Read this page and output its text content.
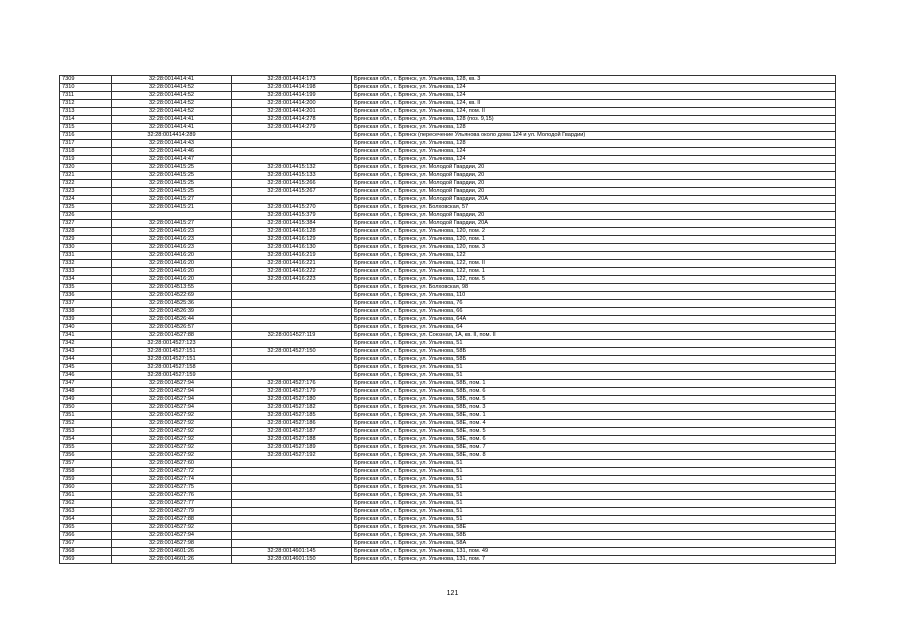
7309	32:28:0014414:41	32:28:0014414:173	Брянская обл., г. Брянск, ул. Ульянова, 128, кв. 3
7310	32:28:0014414:52	32:28:0014414:198	Брянская обл., г. Брянск, ул. Ульянова, 124
7311	32:28:0014414:52	32:28:0014414:199	Брянская обл., г. Брянск, ул. Ульянова, 124
7312	32:28:0014414:52	32:28:0014414:200	Брянская обл., г. Брянск, ул. Ульянова, 124, кв. II
7313	32:28:0014414:52	32:28:0014414:201	Брянская обл., г. Брянск, ул. Ульянова, 124, пом. II
7314	32:28:0014414:41	32:28:0014414:278	Брянская обл., г. Брянск, ул. Ульянова, 128 (поз. 9,15)
7315	32:28:0014414:41	32:28:0014414:279	Брянская обл., г. Брянск, ул. Ульянова, 128
7316	32:28:0014414:289		Брянская обл., г. Брянск (пересечение Ульянова около дома 124 и ул. Молодой Гвардии)
7317	32:28:0014414:43		Брянская обл., г. Брянск, ул. Ульянова, 128
7318	32:28:0014414:46		Брянская обл., г. Брянск, ул. Ульянова, 124
7319	32:28:0014414:47		Брянская обл., г. Брянск, ул. Ульянова, 124
7320	32:28:0014415:25	32:28:0014415:132	Брянская обл., г. Брянск, ул. Молодой Гвардии, 20
7321	32:28:0014415:25	32:28:0014415:133	Брянская обл., г. Брянск, ул. Молодой Гвардии, 20
7322	32:28:0014415:25	32:28:0014415:266	Брянская обл., г. Брянск, ул. Молодой Гвардии, 20
7323	32:28:0014415:25	32:28:0014415:267	Брянская обл., г. Брянск, ул. Молодой Гвардии, 20
7324	32:28:0014415:27		Брянская обл., г. Брянск, ул. Молодой Гвардии, 20А
7325	32:28:0014415:21	32:28:0014415:270	Брянская обл., г. Брянск, ул. Болховская, 57
7326		32:28:0014415:379	Брянская обл., г. Брянск, ул. Молодой Гвардии, 20
7327	32:28:0014415:27	32:28:0014415:384	Брянская обл., г. Брянск, ул. Молодой Гвардии, 20А
7328	32:28:0014416:23	32:28:0014416:128	Брянская обл., г. Брянск, ул. Ульянова, 120, пом. 2
7329	32:28:0014416:23	32:28:0014416:129	Брянская обл., г. Брянск, ул. Ульянова, 120, пом. 1
7330	32:28:0014416:23	32:28:0014416:130	Брянская обл., г. Брянск, ул. Ульянова, 120, пом. 3
7331	32:28:0014416:20	32:28:0014416:219	Брянская обл., г. Брянск, ул. Ульянова, 122
7332	32:28:0014416:20	32:28:0014416:221	Брянская обл., г. Брянск, ул. Ульянова, 122, пом. II
7333	32:28:0014416:20	32:28:0014416:222	Брянская обл., г. Брянск, ул. Ульянова, 122, пом. 1
7334	32:28:0014416:20	32:28:0014416:223	Брянская обл., г. Брянск, ул. Ульянова, 122, пом. 5
7335	32:28:0014513:55		Брянская обл., г. Брянск, ул. Болховская, 98
7336	32:28:0014522:69		Брянская обл., г. Брянск, ул. Ульянова, 110
7337	32:28:0014525:36		Брянская обл., г. Брянск, ул. Ульянова, 76
7338	32:28:0014526:39		Брянская обл., г. Брянск, ул. Ульянова, 66
7339	32:28:0014526:44		Брянская обл., г. Брянск, ул. Ульянова, 64А
7340	32:28:0014526:57		Брянская обл., г. Брянск, ул. Ульянова, 64
7341	32:28:0014527:88	32:28:0014527:119	Брянская обл., г. Брянск, ул. Союзная, 1А, кв. II, пом. II
7342	32:28:0014527:123		Брянская обл., г. Брянск, ул. Ульянова, 51
7343	32:28:0014527:151	32:28:0014527:150	Брянская обл., г. Брянск, ул. Ульянова, 58Б
7344	32:28:0014527:151		Брянская обл., г. Брянск, ул. Ульянова, 58Б
7345	32:28:0014527:158		Брянская обл., г. Брянск, ул. Ульянова, 51
7346	32:28:0014527:159		Брянская обл., г. Брянск, ул. Ульянова, 51
7347	32:28:0014527:94	32:28:0014527:176	Брянская обл., г. Брянск, ул. Ульянова, 58Б, пом. 1
7348	32:28:0014527:94	32:28:0014527:179	Брянская обл., г. Брянск, ул. Ульянова, 58Б, пом. 6
7349	32:28:0014527:94	32:28:0014527:180	Брянская обл., г. Брянск, ул. Ульянова, 58Б, пом. 5
7350	32:28:0014527:94	32:28:0014527:182	Брянская обл., г. Брянск, ул. Ульянова, 58Б, пом. 3
7351	32:28:0014527:92	32:28:0014527:185	Брянская обл., г. Брянск, ул. Ульянова, 58Е, пом. 1
7352	32:28:0014527:92	32:28:0014527:186	Брянская обл., г. Брянск, ул. Ульянова, 58Е, пом. 4
7353	32:28:0014527:92	32:28:0014527:187	Брянская обл., г. Брянск, ул. Ульянова, 58Е, пом. 5
7354	32:28:0014527:92	32:28:0014527:188	Брянская обл., г. Брянск, ул. Ульянова, 58Е, пом. 6
7355	32:28:0014527:92	32:28:0014527:189	Брянская обл., г. Брянск, ул. Ульянова, 58Е, пом. 7
7356	32:28:0014527:92	32:28:0014527:192	Брянская обл., г. Брянск, ул. Ульянова, 58Е, пом. 8
7357	32:28:0014527:60		Брянская обл., г. Брянск, ул. Ульянова, 51
7358	32:28:0014527:72		Брянская обл., г. Брянск, ул. Ульянова, 51
7359	32:28:0014527:74		Брянская обл., г. Брянск, ул. Ульянова, 51
7360	32:28:0014527:75		Брянская обл., г. Брянск, ул. Ульянова, 51
7361	32:28:0014527:76		Брянская обл., г. Брянск, ул. Ульянова, 51
7362	32:28:0014527:77		Брянская обл., г. Брянск, ул. Ульянова, 51
7363	32:28:0014527:79		Брянская обл., г. Брянск, ул. Ульянова, 51
7364	32:28:0014527:88		Брянская обл., г. Брянск, ул. Ульянова, 51
7365	32:28:0014527:92		Брянская обл., г. Брянск, ул. Ульянова, 58Е
7366	32:28:0014527:94		Брянская обл., г. Брянск, ул. Ульянова, 58Б
7367	32:28:0014527:98		Брянская обл., г. Брянск, ул. Ульянова, 58А
7368	32:28:0014601:26	32:28:0014601:145	Брянская обл., г. Брянск, ул. Ульянова, 131, пом. 49
7369	32:28:0014601:26	32:28:0014601:150	Брянская обл., г. Брянск, ул. Ульянова, 131, пом. 7
121
